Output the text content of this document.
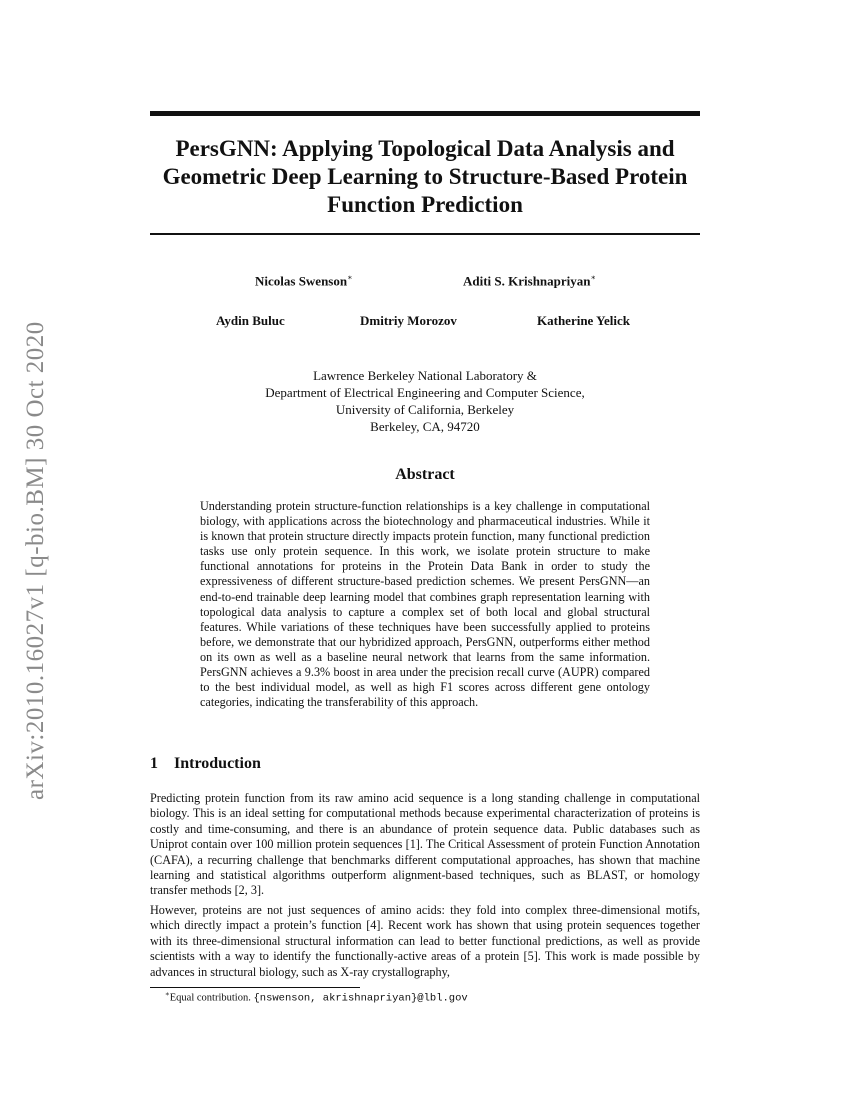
arXiv:2010.16027v1 [q-bio.BM] 30 Oct 2020
PersGNN: Applying Topological Data Analysis and Geometric Deep Learning to Structure-Based Protein Function Prediction
Nicolas Swenson∗	Aditi S. Krishnapriyan∗
Aydin Buluc	Dmitriy Morozov	Katherine Yelick
Lawrence Berkeley National Laboratory &
Department of Electrical Engineering and Computer Science,
University of California, Berkeley
Berkeley, CA, 94720
Abstract

Understanding protein structure-function relationships is a key challenge in computational biology, with applications across the biotechnology and pharmaceutical industries. While it is known that protein structure directly impacts protein function, many functional prediction tasks use only protein sequence. In this work, we isolate protein structure to make functional annotations for proteins in the Protein Data Bank in order to study the expressiveness of different structure-based prediction schemes. We present PersGNN—an end-to-end trainable deep learning model that combines graph representation learning with topological data analysis to capture a complex set of both local and global structural features. While variations of these techniques have been successfully applied to proteins before, we demonstrate that our hybridized approach, PersGNN, outperforms either method on its own as well as a baseline neural network that learns from the same information. PersGNN achieves a 9.3% boost in area under the precision recall curve (AUPR) compared to the best individual model, as well as high F1 scores across different gene ontology categories, indicating the transferability of this approach.

1 Introduction

Predicting protein function from its raw amino acid sequence is a long standing challenge in computational biology. This is an ideal setting for computational methods because experimental characterization of proteins is costly and time-consuming, and there is an abundance of protein sequence data. Public databases such as Uniprot contain over 100 million protein sequences [1]. The Critical Assessment of protein Function Annotation (CAFA), a recurring challenge that benchmarks different computational approaches, has shown that machine learning and statistical algorithms outperform alignment-based techniques, such as BLAST, or homology transfer methods [2, 3].

However, proteins are not just sequences of amino acids: they fold into complex three-dimensional motifs, which directly impact a protein’s function [4]. Recent work has shown that using protein sequences together with its three-dimensional structural information can lead to better functional predictions, as well as provide scientists with a way to identify the functionally-active areas of a protein [5]. This work is made possible by advances in structural biology, such as X-ray crystallography,

∗Equal contribution. {nswenson, akrishnapriyan}@lbl.gov
